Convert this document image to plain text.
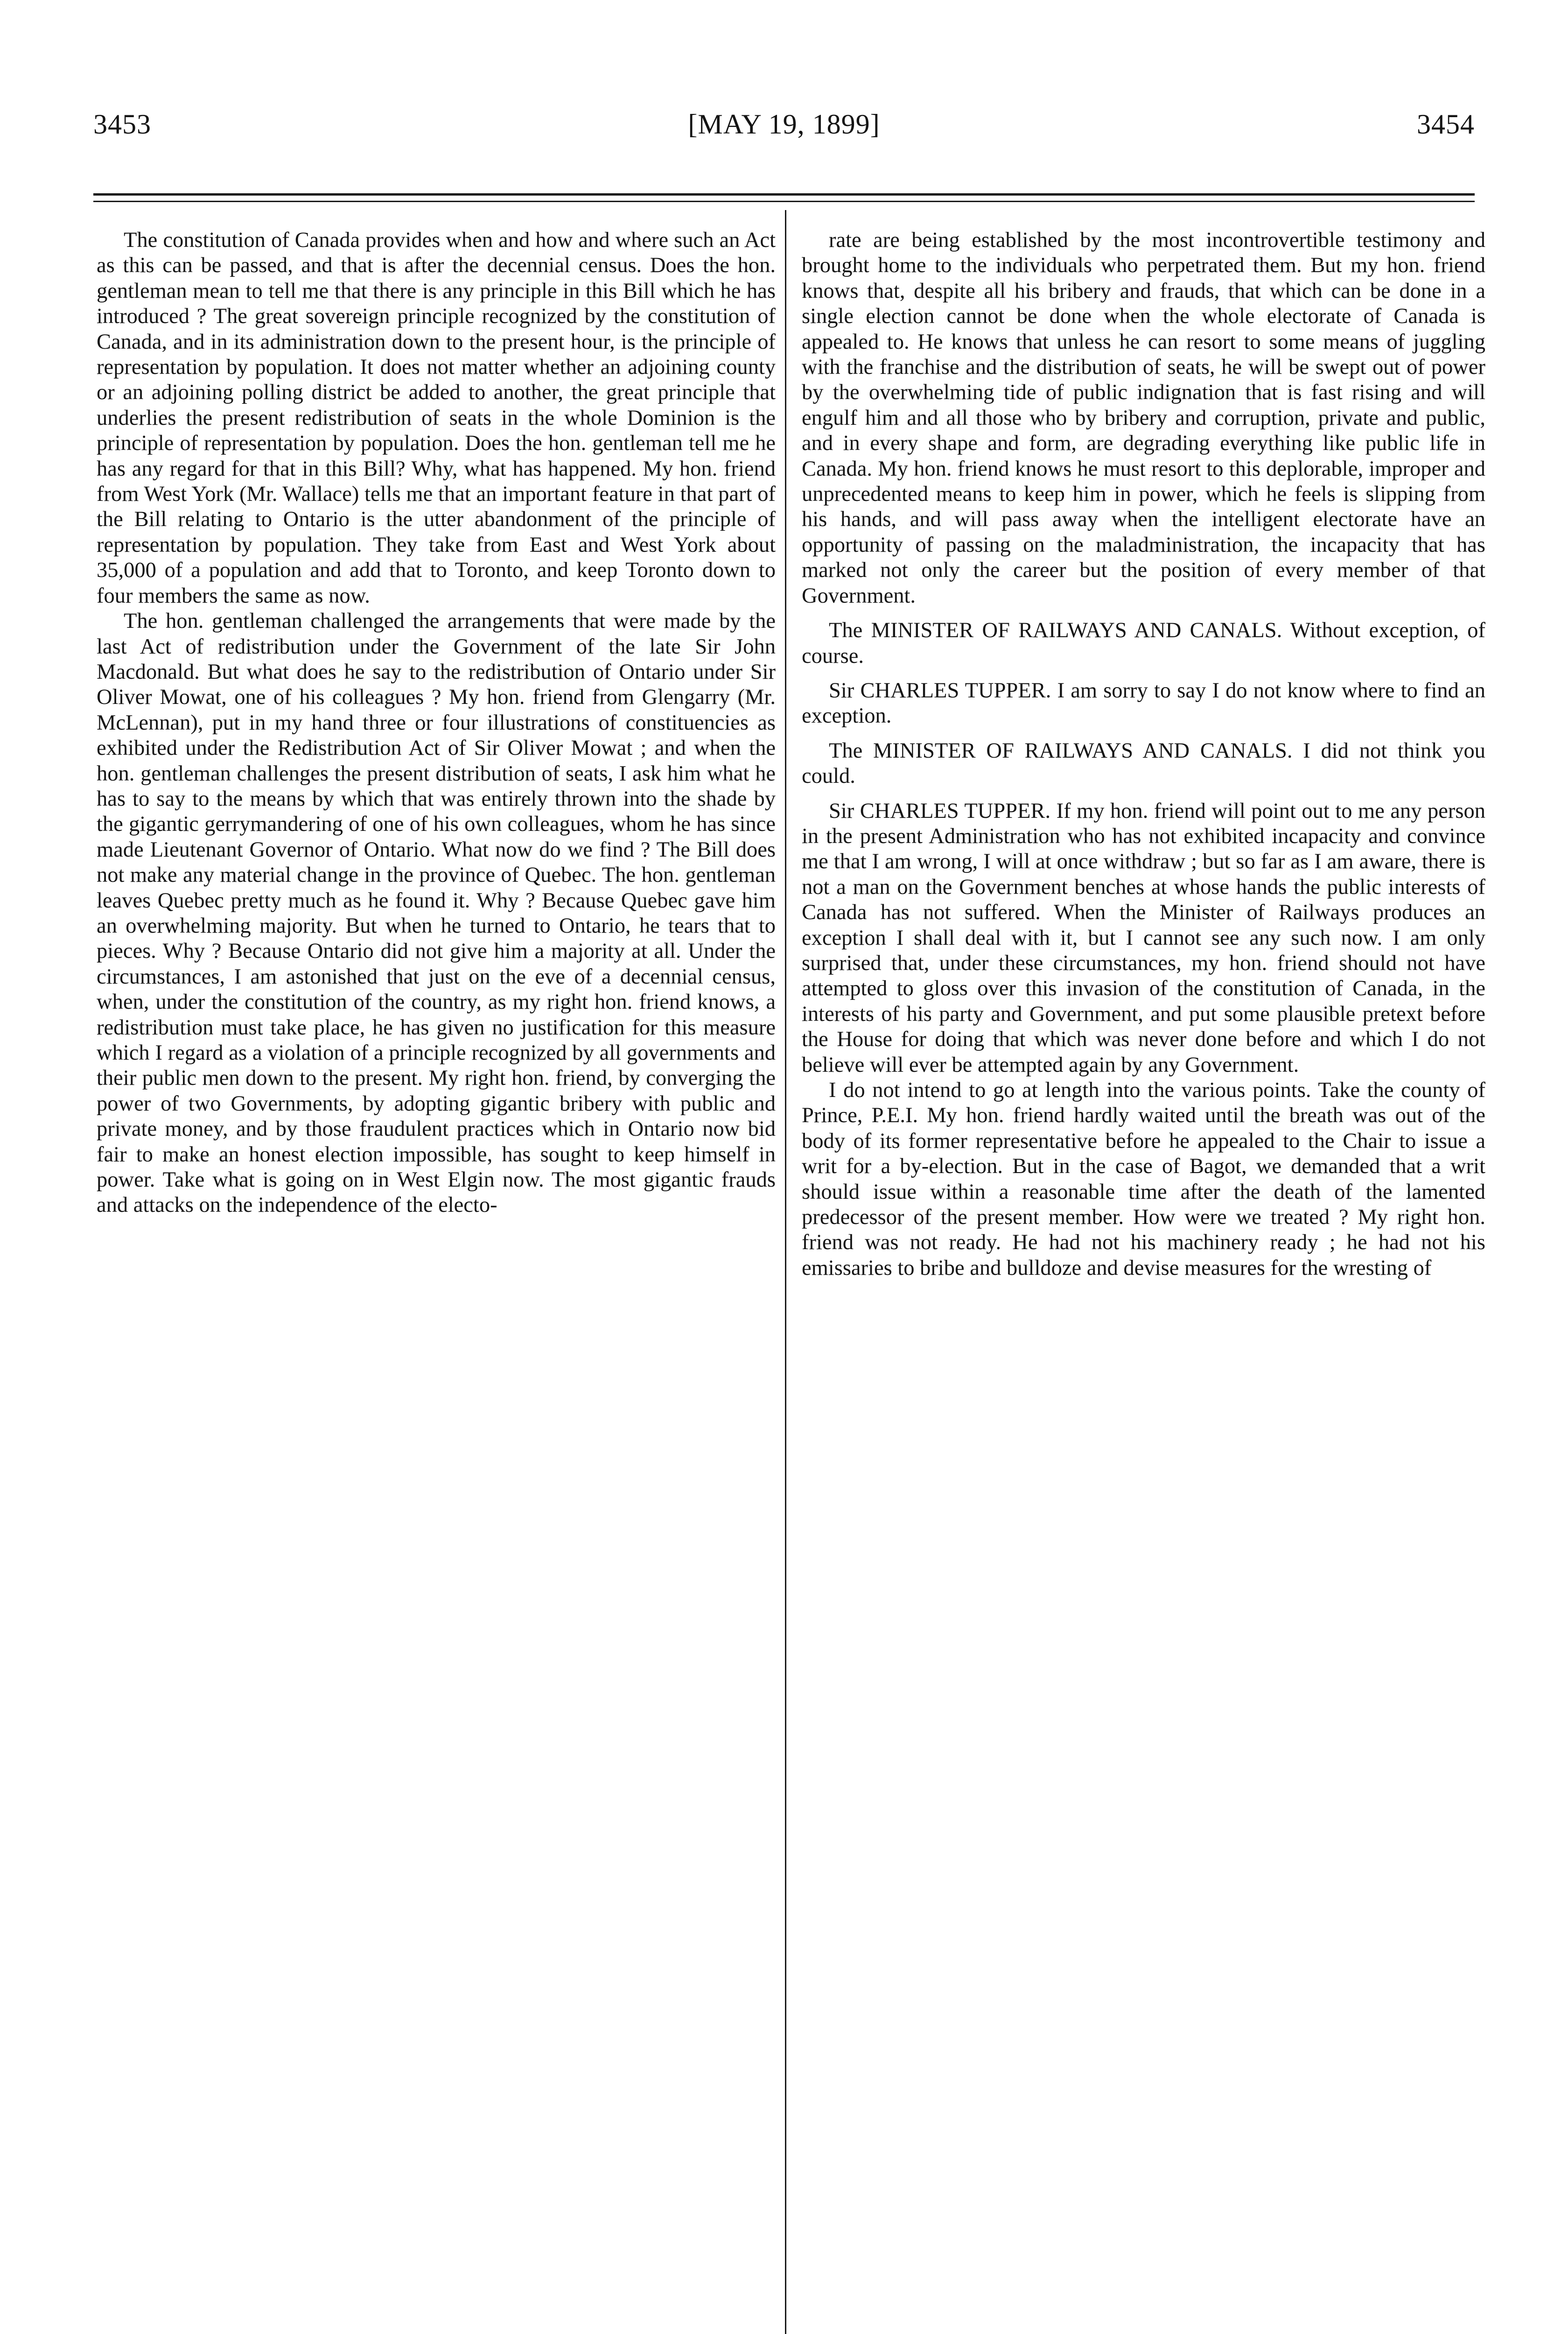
3453	[MAY 19, 1899]	3454

The constitution of Canada provides when and how and where such an Act as this can be passed, and that is after the decennial census. Does the hon. gentleman mean to tell me that there is any principle in this Bill which he has introduced ? The great sovereign principle recognized by the constitution of Canada, and in its administration down to the present hour, is the principle of representation by population. It does not matter whether an adjoining county or an adjoining polling district be added to another, the great principle that underlies the present redistribution of seats in the whole Dominion is the principle of representation by population. Does the hon. gentleman tell me he has any regard for that in this Bill? Why, what has happened. My hon. friend from West York (Mr. Wallace) tells me that an important feature in that part of the Bill relating to Ontario is the utter abandonment of the principle of representation by population. They take from East and West York about 35,000 of a population and add that to Toronto, and keep Toronto down to four members the same as now.

The hon. gentleman challenged the arrangements that were made by the last Act of redistribution under the Government of the late Sir John Macdonald. But what does he say to the redistribution of Ontario under Sir Oliver Mowat, one of his colleagues ? My hon. friend from Glengarry (Mr. McLennan), put in my hand three or four illustrations of constituencies as exhibited under the Redistribution Act of Sir Oliver Mowat ; and when the hon. gentleman challenges the present distribution of seats, I ask him what he has to say to the means by which that was entirely thrown into the shade by the gigantic gerrymandering of one of his own colleagues, whom he has since made Lieutenant Governor of Ontario. What now do we find ? The Bill does not make any material change in the province of Quebec. The hon. gentleman leaves Quebec pretty much as he found it. Why ? Because Quebec gave him an overwhelming majority. But when he turned to Ontario, he tears that to pieces. Why ? Because Ontario did not give him a majority at all. Under the circumstances, I am astonished that just on the eve of a decennial census, when, under the constitution of the country, as my right hon. friend knows, a redistribution must take place, he has given no justification for this measure which I regard as a violation of a principle recognized by all governments and their public men down to the present. My right hon. friend, by converging the power of two Governments, by adopting gigantic bribery with public and private money, and by those fraudulent practices which in Ontario now bid fair to make an honest election impossible, has sought to keep himself in power. Take what is going on in West Elgin now. The most gigantic frauds and attacks on the independence of the electo-

rate are being established by the most incontrovertible testimony and brought home to the individuals who perpetrated them. But my hon. friend knows that, despite all his bribery and frauds, that which can be done in a single election cannot be done when the whole electorate of Canada is appealed to. He knows that unless he can resort to some means of juggling with the franchise and the distribution of seats, he will be swept out of power by the overwhelming tide of public indignation that is fast rising and will engulf him and all those who by bribery and corruption, private and public, and in every shape and form, are degrading everything like public life in Canada. My hon. friend knows he must resort to this deplorable, improper and unprecedented means to keep him in power, which he feels is slipping from his hands, and will pass away when the intelligent electorate have an opportunity of passing on the maladministration, the incapacity that has marked not only the career but the position of every member of that Government.

The MINISTER OF RAILWAYS AND CANALS. Without exception, of course.

Sir CHARLES TUPPER. I am sorry to say I do not know where to find an exception.

The MINISTER OF RAILWAYS AND CANALS. I did not think you could.

Sir CHARLES TUPPER. If my hon. friend will point out to me any person in the present Administration who has not exhibited incapacity and convince me that I am wrong, I will at once withdraw ; but so far as I am aware, there is not a man on the Government benches at whose hands the public interests of Canada has not suffered. When the Minister of Railways produces an exception I shall deal with it, but I cannot see any such now. I am only surprised that, under these circumstances, my hon. friend should not have attempted to gloss over this invasion of the constitution of Canada, in the interests of his party and Government, and put some plausible pretext before the House for doing that which was never done before and which I do not believe will ever be attempted again by any Government.

I do not intend to go at length into the various points. Take the county of Prince, P.E.I. My hon. friend hardly waited until the breath was out of the body of its former representative before he appealed to the Chair to issue a writ for a by-election. But in the case of Bagot, we demanded that a writ should issue within a reasonable time after the death of the lamented predecessor of the present member. How were we treated ? My right hon. friend was not ready. He had not his machinery ready ; he had not his emissaries to bribe and bulldoze and devise measures for the wresting of
